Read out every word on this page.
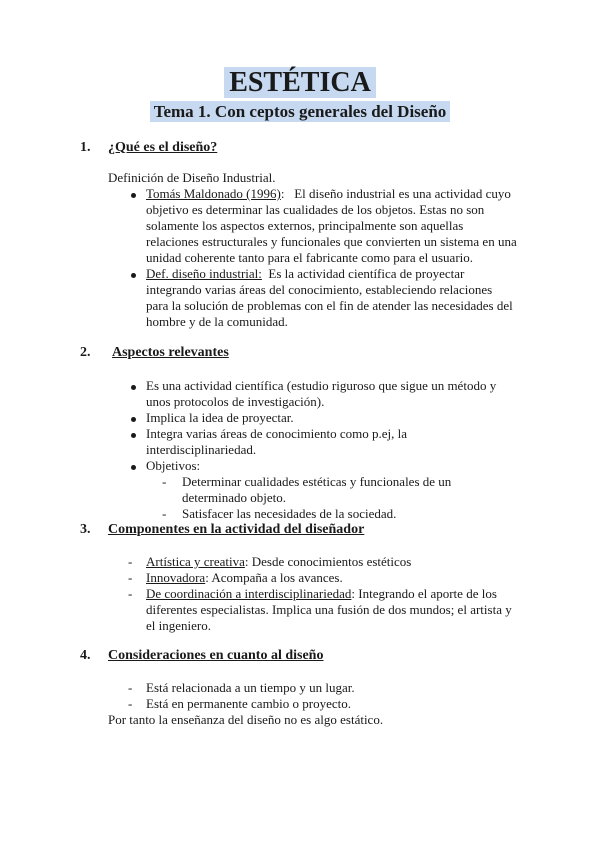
ESTÉTICA
Tema 1. Con ceptos generales del Diseño
1. ¿Qué es el diseño?
Definición de Diseño Industrial.
Tomás Maldonado (1996): El diseño industrial es una actividad cuyo
objetivo es determinar las cualidades de los objetos. Estas no son
solamente los aspectos externos, principalmente son aquellas
relaciones estructurales y funcionales que convierten un sistema en una
unidad coherente tanto para el fabricante como para el usuario.
Def. diseño industrial: Es la actividad científica de proyectar
integrando varias áreas del conocimiento, estableciendo relaciones
para la solución de problemas con el fin de atender las necesidades del
hombre y de la comunidad.
2. Aspectos relevantes
Es una actividad científica (estudio riguroso que sigue un método y
unos protocolos de investigación).
Implica la idea de proyectar.
Integra varias áreas de conocimiento como p.ej, la
interdisciplinariedad.
Objetivos:
- Determinar cualidades estéticas y funcionales de un
determinado objeto.
- Satisfacer las necesidades de la sociedad.
3. Componentes en la actividad del diseñador
- Artística y creativa: Desde conocimientos estéticos
- Innovadora: Acompaña a los avances.
- De coordinación a interdisciplinariedad: Integrando el aporte de los
diferentes especialistas. Implica una fusión de dos mundos; el artista y
el ingeniero.
4. Consideraciones en cuanto al diseño
- Está relacionada a un tiempo y un lugar.
- Está en permanente cambio o proyecto.
Por tanto la enseñanza del diseño no es algo estático.
